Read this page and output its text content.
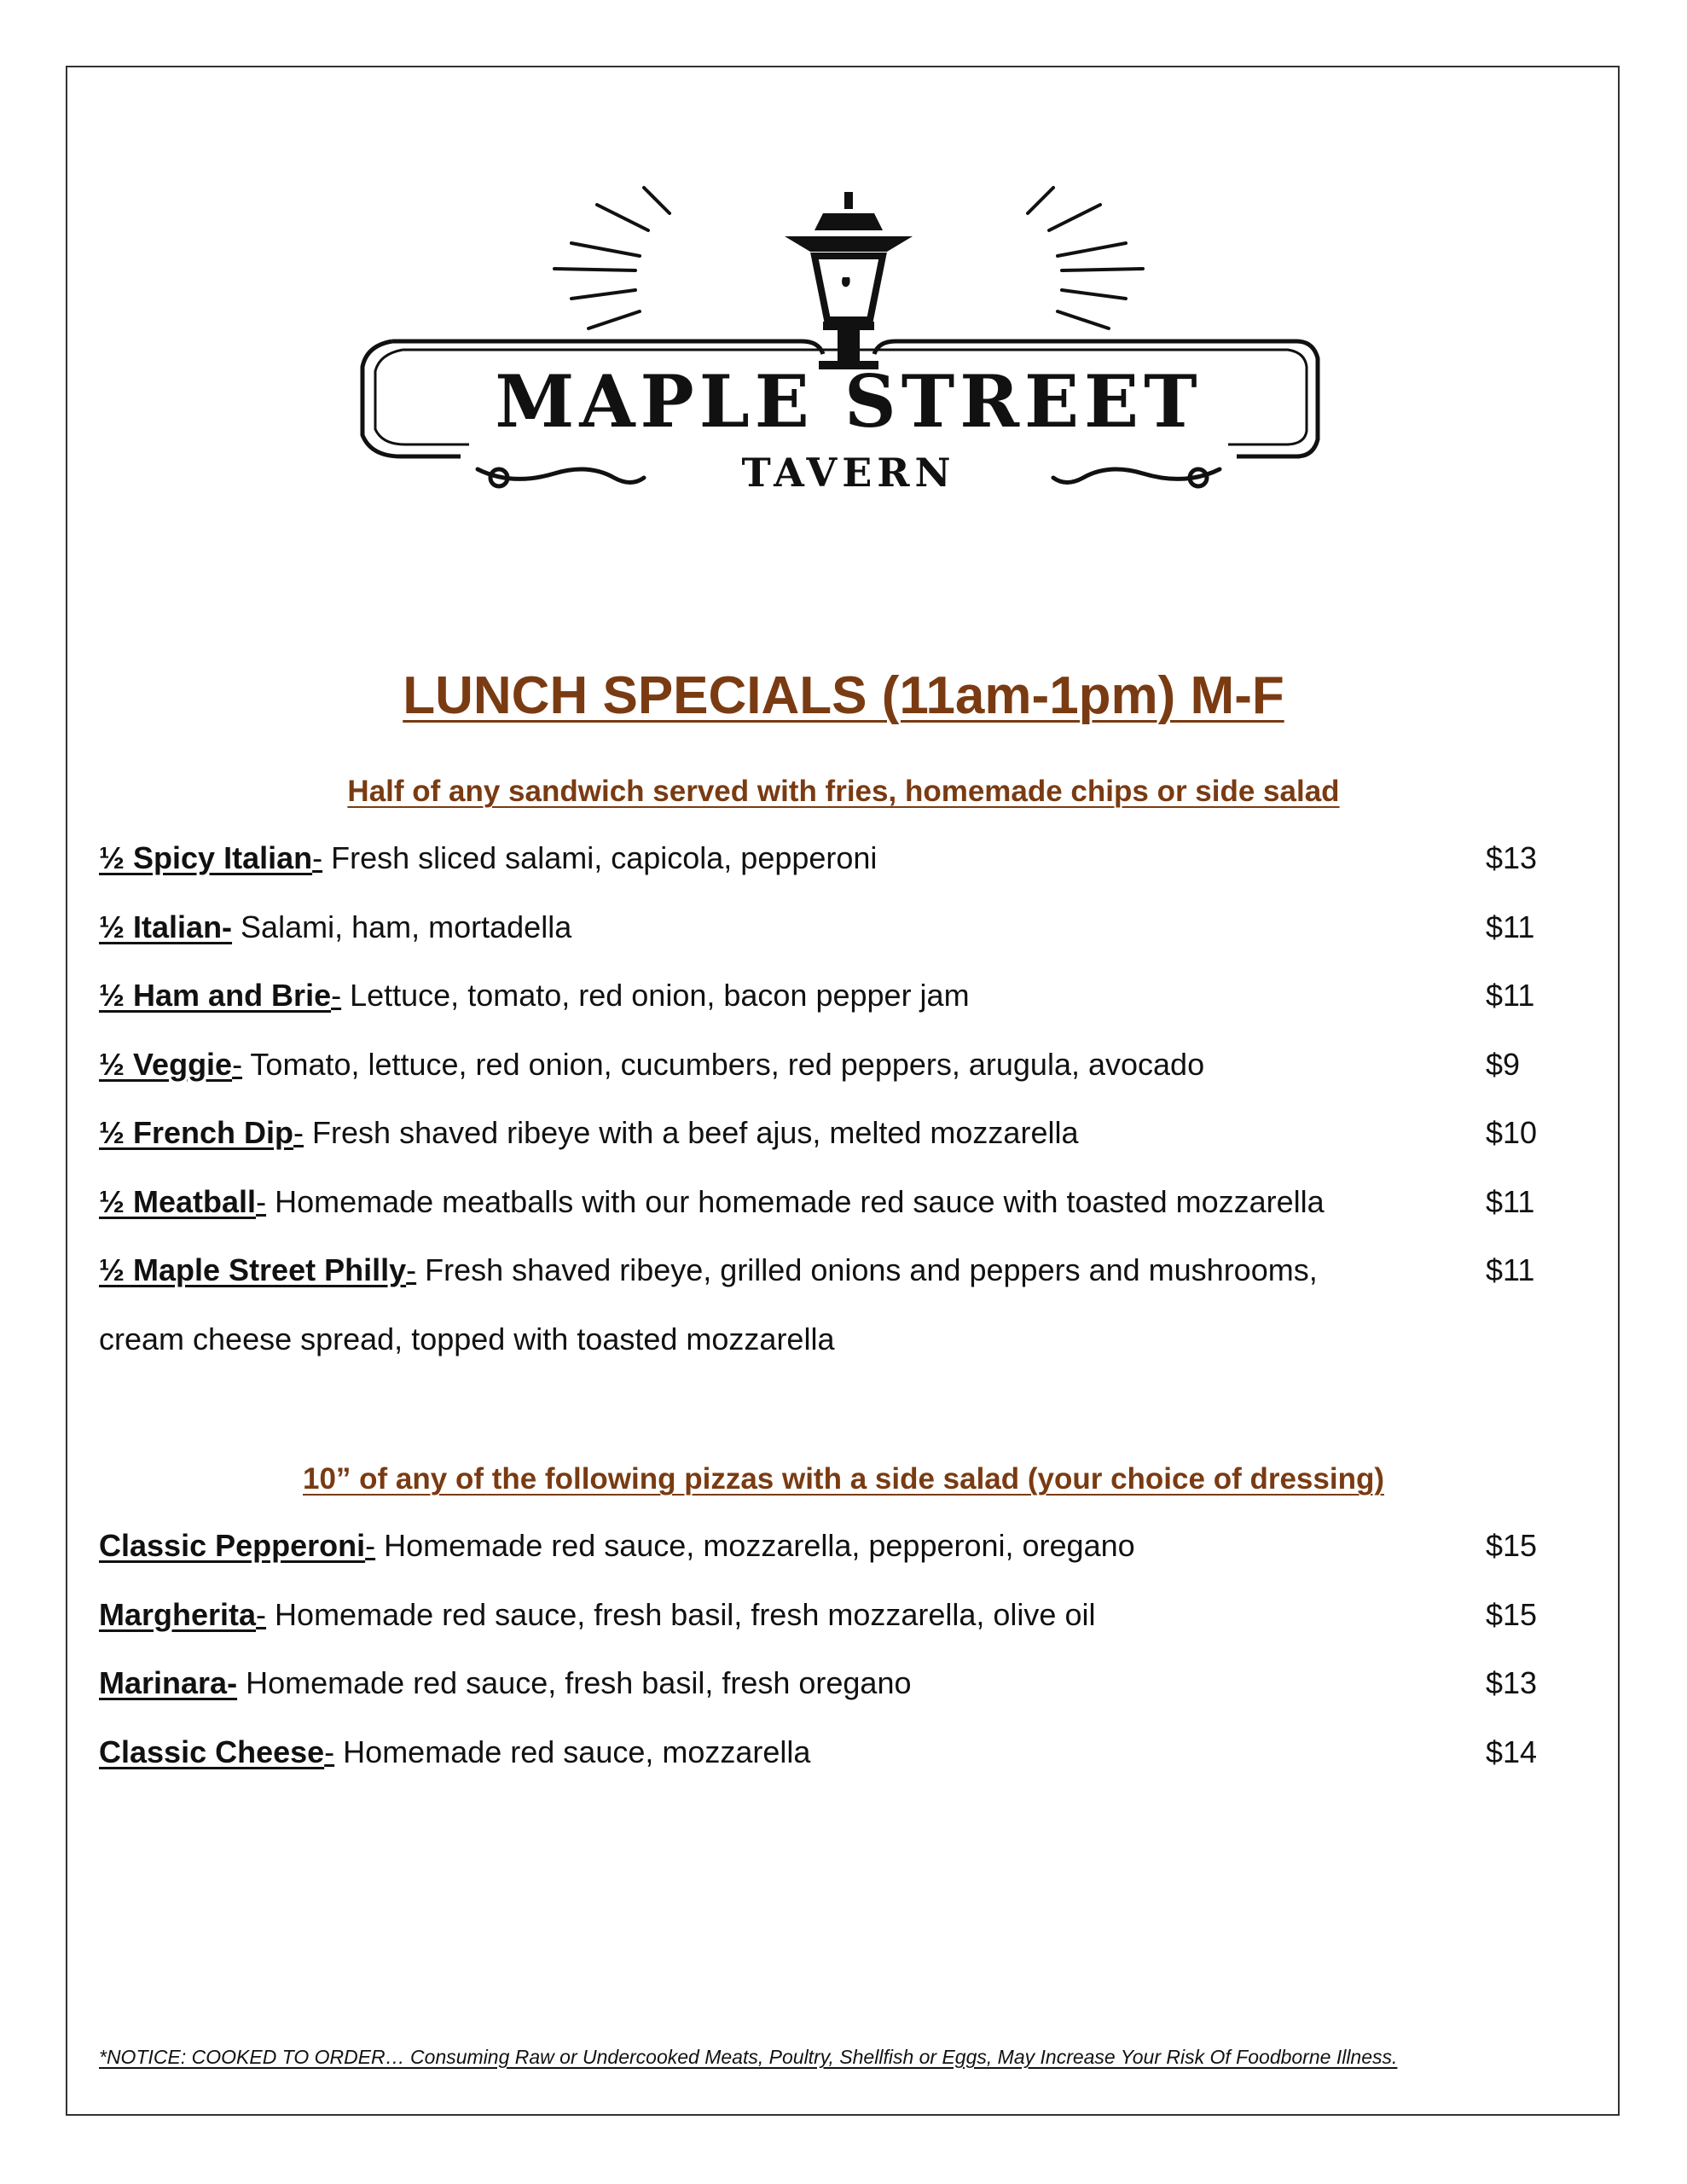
MAPLE STREET
TAVERN
LUNCH SPECIALS (11am-1pm) M-F
Half of any sandwich served with fries, homemade chips or side salad
½ Spicy Italian- Fresh sliced salami, capicola, pepperoni	$13
½ Italian- Salami, ham, mortadella	$11
½ Ham and Brie- Lettuce, tomato, red onion, bacon pepper jam	$11
½ Veggie- Tomato, lettuce, red onion, cucumbers, red peppers, arugula, avocado	$9
½ French Dip- Fresh shaved ribeye with a beef ajus, melted mozzarella	$10
½ Meatball- Homemade meatballs with our homemade red sauce with toasted mozzarella	$11
½ Maple Street Philly- Fresh shaved ribeye, grilled onions and peppers and mushrooms,	$11
cream cheese spread, topped with toasted mozzarella
10” of any of the following pizzas with a side salad (your choice of dressing)
Classic Pepperoni- Homemade red sauce, mozzarella, pepperoni, oregano	$15
Margherita- Homemade red sauce, fresh basil, fresh mozzarella, olive oil	$15
Marinara- Homemade red sauce, fresh basil, fresh oregano	$13
Classic Cheese- Homemade red sauce, mozzarella	$14
*NOTICE: COOKED TO ORDER… Consuming Raw or Undercooked Meats, Poultry, Shellfish or Eggs, May Increase Your Risk Of Foodborne Illness.
